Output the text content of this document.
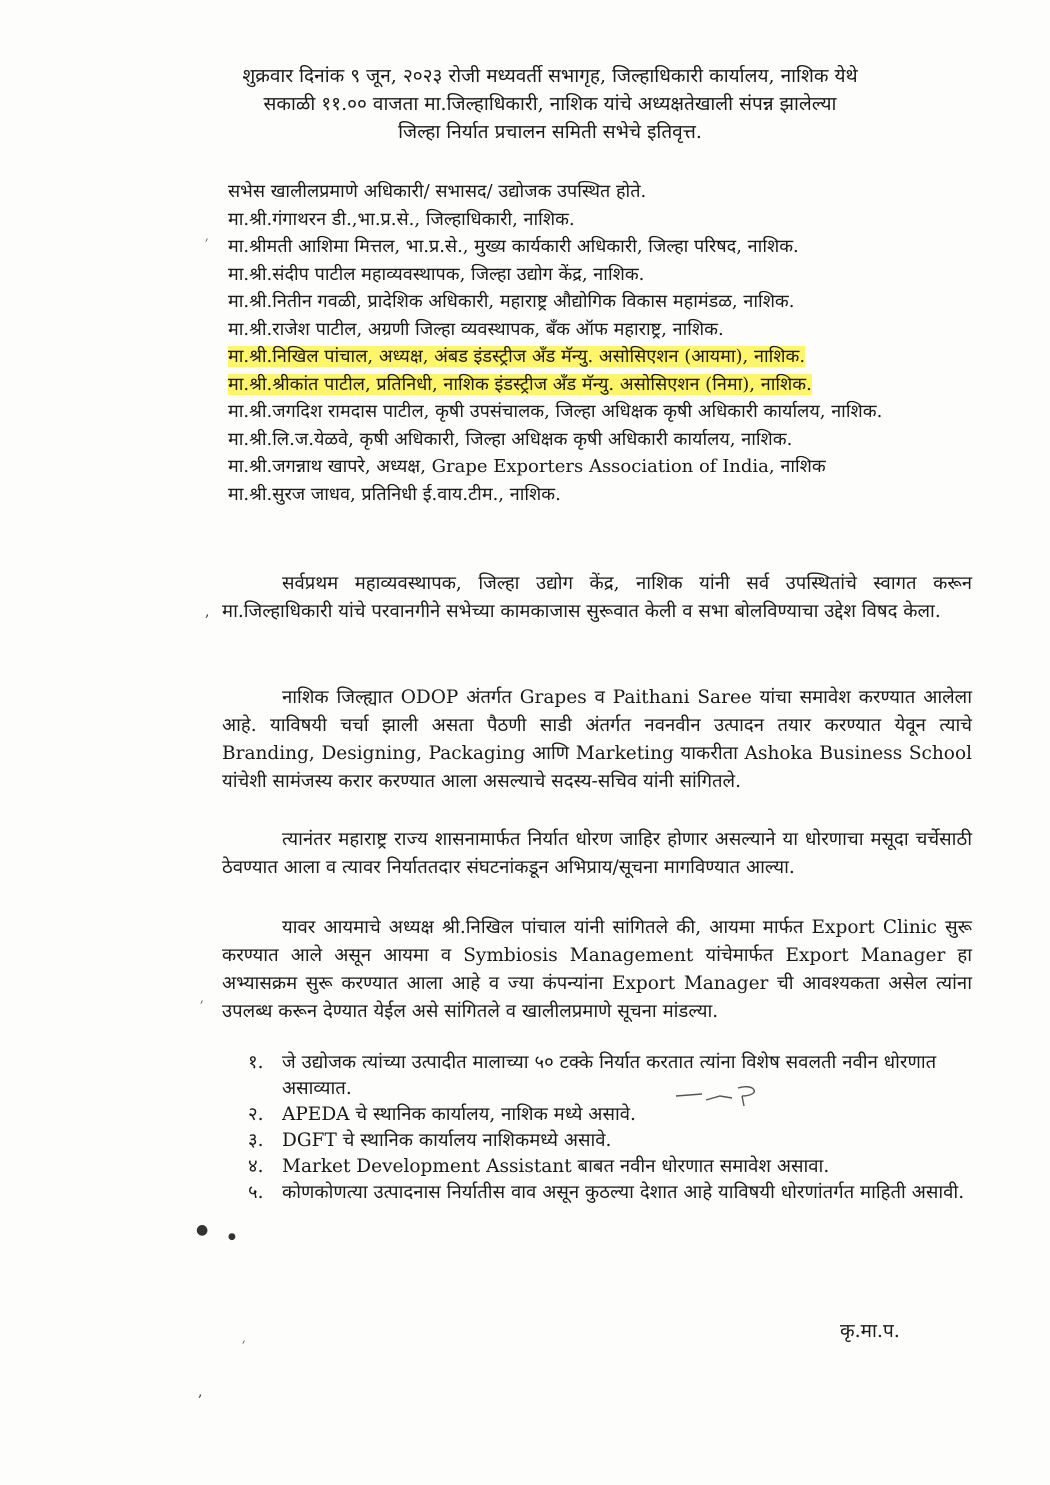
शुक्रवार दिनांक ९ जून, २०२३ रोजी मध्यवर्ती सभागृह, जिल्हाधिकारी कार्यालय, नाशिक येथे
सकाळी ११.०० वाजता मा.जिल्हाधिकारी, नाशिक यांचे अध्यक्षतेखाली संपन्न झालेल्या
जिल्हा निर्यात प्रचालन समिती सभेचे इतिवृत्त.
सभेस खालीलप्रमाणे अधिकारी/ सभासद/ उद्योजक उपस्थित होते.
मा.श्री.गंगाथरन डी.,भा.प्र.से., जिल्हाधिकारी, नाशिक.
मा.श्रीमती आशिमा मित्तल, भा.प्र.से., मुख्य कार्यकारी अधिकारी, जिल्हा परिषद, नाशिक.
मा.श्री.संदीप पाटील महाव्यवस्थापक, जिल्हा उद्योग केंद्र, नाशिक.
मा.श्री.नितीन गवळी, प्रादेशिक अधिकारी, महाराष्ट्र औद्योगिक विकास महामंडळ, नाशिक.
मा.श्री.राजेश पाटील, अग्रणी जिल्हा व्यवस्थापक, बँक ऑफ महाराष्ट्र, नाशिक.
मा.श्री.निखिल पांचाल, अध्यक्ष, अंबड इंडस्ट्रीज अँड मॅन्यु. असोसिएशन (आयमा), नाशिक.
मा.श्री.श्रीकांत पाटील, प्रतिनिधी, नाशिक इंडस्ट्रीज अँड मॅन्यु. असोसिएशन (निमा), नाशिक.
मा.श्री.जगदिश रामदास पाटील, कृषी उपसंचालक, जिल्हा अधिक्षक कृषी अधिकारी कार्यालय, नाशिक.
मा.श्री.लि.ज.येळवे, कृषी अधिकारी, जिल्हा अधिक्षक कृषी अधिकारी कार्यालय, नाशिक.
मा.श्री.जगन्नाथ खापरे, अध्यक्ष, Grape Exporters Association of India, नाशिक
मा.श्री.सुरज जाधव, प्रतिनिधी ई.वाय.टीम., नाशिक.
सर्वप्रथम महाव्यवस्थापक, जिल्हा उद्योग केंद्र, नाशिक यांनी सर्व उपस्थितांचे स्वागत करून मा.जिल्हाधिकारी यांचे परवानगीने सभेच्या कामकाजास सुरूवात केली व सभा बोलविण्याचा उद्देश विषद केला.
नाशिक जिल्ह्यात ODOP अंतर्गत Grapes व Paithani Saree यांचा समावेश करण्यात आलेला आहे. याविषयी चर्चा झाली असता पैठणी साडी अंतर्गत नवनवीन उत्पादन तयार करण्यात येवून त्याचे Branding, Designing, Packaging आणि Marketing याकरीता Ashoka Business School यांचेशी सामंजस्य करार करण्यात आला असल्याचे सदस्य-सचिव यांनी सांगितले.
त्यानंतर महाराष्ट्र राज्य शासनामार्फत निर्यात धोरण जाहिर होणार असल्याने या धोरणाचा मसूदा चर्चेसाठी ठेवण्यात आला व त्यावर निर्याततदार संघटनांकडून अभिप्राय/सूचना मागविण्यात आल्या.
यावर आयमाचे अध्यक्ष श्री.निखिल पांचाल यांनी सांगितले की, आयमा मार्फत Export Clinic सुरू करण्यात आले असून आयमा व Symbiosis Management यांचेमार्फत Export Manager हा अभ्यासक्रम सुरू करण्यात आला आहे व ज्या कंपन्यांना Export Manager ची आवश्यकता असेल त्यांना उपलब्ध करून देण्यात येईल असे सांगितले व खालीलप्रमाणे सूचना मांडल्या.
१. जे उद्योजक त्यांच्या उत्पादीत मालाच्या ५० टक्के निर्यात करतात त्यांना विशेष सवलती नवीन धोरणात असाव्यात.
२. APEDA चे स्थानिक कार्यालय, नाशिक मध्ये असावे.
३. DGFT चे स्थानिक कार्यालय नाशिकमध्ये असावे.
४. Market Development Assistant बाबत नवीन धोरणात समावेश असावा.
५. कोणकोणत्या उत्पादनास निर्यातीस वाव असून कुठल्या देशात आहे याविषयी धोरणांतर्गत माहिती असावी.
׳
,
׳
● ●
׳
,
कृ.मा.प.
